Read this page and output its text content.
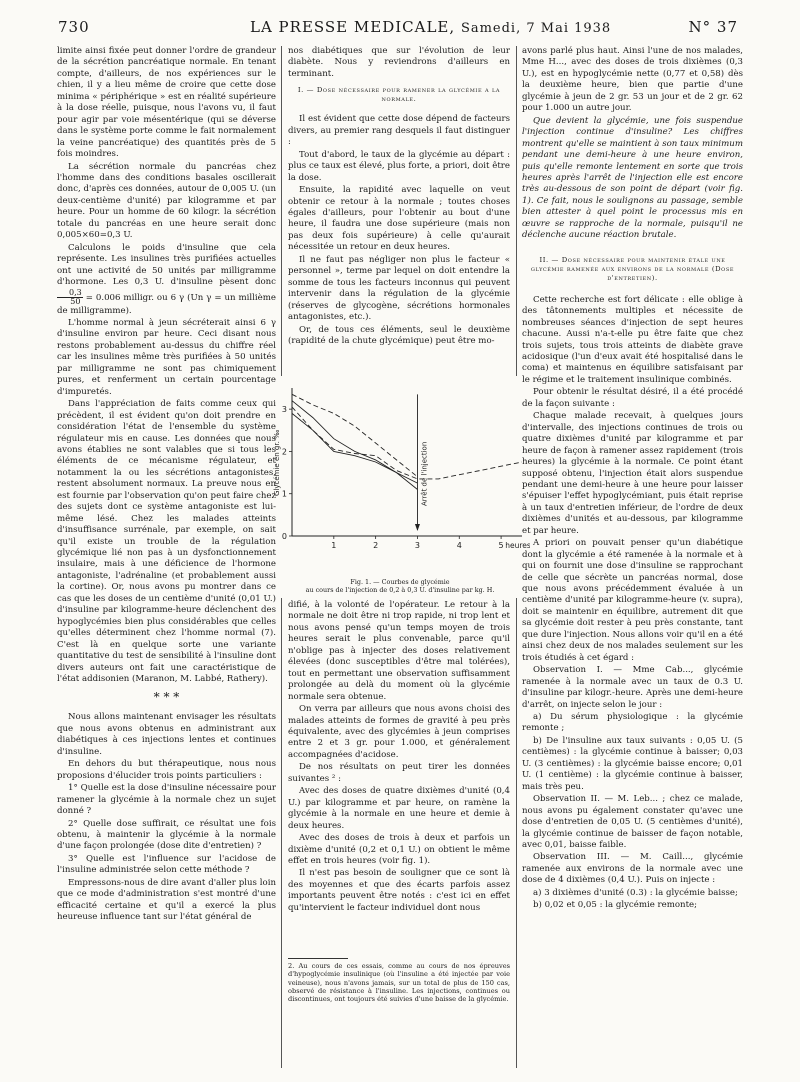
730	LA PRESSE MEDICALE, Samedi, 7 Mai 1938	N° 37

limite ainsi fixée peut donner l'ordre de grandeur de la sécrétion pancréatique normale. En tenant compte, d'ailleurs, de nos expériences sur le chien, il y a lieu même de croire que cette dose minima « périphérique » est en réalité supérieure à la dose réelle, puisque, nous l'avons vu, il faut pour agir par voie mésentérique (qui se déverse dans le système porte comme le fait normalement la veine pancréatique) des quantités près de 5 fois moindres.

La sécrétion normale du pancréas chez l'homme dans des conditions basales oscillerait donc, d'après ces données, autour de 0,005 U. (un deux-centième d'unité) par kilogramme et par heure. Pour un homme de 60 kilogr. la sécrétion totale du pancréas en une heure serait donc 0,005×60=0,3 U.

Calculons le poids d'insuline que cela représente. Les insulines très purifiées actuelles ont une activité de 50 unités par milligramme d'hormone. Les 0,3 U. d'insuline pèsent donc
$\frac{0,3}{50} = 0.006$ milligr. ou 6 γ (Un γ = un millième de milligramme).

L'homme normal à jeun sécréterait ainsi 6 γ d'insuline environ par heure. Ceci disant nous restons probablement au-dessus du chiffre réel car les insulines même très purifiées à 50 unités par milligramme ne sont pas chimiquement pures, et renferment un certain pourcentage d'impuretés.

Dans l'appréciation de faits comme ceux qui précèdent, il est évident qu'on doit prendre en considération l'état de l'ensemble du système régulateur mis en cause. Les données que nous avons établies ne sont valables que si tous les éléments de ce mécanisme régulateur, et notamment la ou les sécrétions antagonistes, restent absolument normaux. La preuve nous en est fournie par l'observation qu'on peut faire chez des sujets dont ce système antagoniste est lui-même lésé. Chez les malades atteints d'insuffisance surrénale, par exemple, on sait qu'il existe un trouble de la régulation glycémique lié non pas à un dysfonctionnement insulaire, mais à une déficience de l'hormone antagoniste, l'adrénaline (et probablement aussi la cortine). Or, nous avons pu montrer dans ce cas que les doses de un centième d'unité (0,01 U.) d'insuline par kilogramme-heure déclenchent des hypoglycémies bien plus considérables que celles qu'elles déterminent chez l'homme normal (7). C'est là en quelque sorte une variante quantitative du test de sensibilité à l'insuline dont divers auteurs ont fait une caractéristique de l'état addisonien (Maranon, M. Labbé, Rathery).

* * *

Nous allons maintenant envisager les résultats que nous avons obtenus en administrant aux diabétiques à ces injections lentes et continues d'insuline.

En dehors du but thérapeutique, nous nous proposions d'élucider trois points particuliers :

1° Quelle est la dose d'insuline nécessaire pour ramener la glycémie à la normale chez un sujet donné ?

2° Quelle dose suffirait, ce résultat une fois obtenu, à maintenir la glycémie à la normale d'une façon prolongée (dose dite d'entretien) ?

3° Quelle est l'influence sur l'acidose de l'insuline administrée selon cette méthode ?

Empressons-nous de dire avant d'aller plus loin que ce mode d'administration s'est montré d'une efficacité certaine et qu'il a exercé la plus heureuse influence tant sur l'état général de

nos diabétiques que sur l'évolution de leur diabète. Nous y reviendrons d'ailleurs en terminant.

I. — Dose nécessaire pour ramener la glycémie a la normale.

Il est évident que cette dose dépend de facteurs divers, au premier rang desquels il faut distinguer :

Tout d'abord, le taux de la glycémie au départ : plus ce taux est élevé, plus forte, a priori, doit être la dose.

Ensuite, la rapidité avec laquelle on veut obtenir ce retour à la normale ; toutes choses égales d'ailleurs, pour l'obtenir au bout d'une heure, il faudra une dose supérieure (mais non pas deux fois supérieure) à celle qu'aurait nécessitée un retour en deux heures.

Il ne faut pas négliger non plus le facteur « personnel », terme par lequel on doit entendre la somme de tous les facteurs inconnus qui peuvent intervenir dans la régulation de la glycémie (réserves de glycogène, sécrétions hormonales antagonistes, etc.).

Or, de tous ces éléments, seul le deuxième (rapidité de la chute glycémique) peut être mo-

1	2	3	4	5
0
1
2
3
heures
Glycémie en gr. ‰	Arrêt de l'injection
Fig. 1. — Courbes de glycémie
au cours de l'injection de 0,2 à 0,3 U. d'insuline par kg. H.

difié, à la volonté de l'opérateur. Le retour à la normale ne doit être ni trop rapide, ni trop lent et nous avons pensé qu'un temps moyen de trois heures serait le plus convenable, parce qu'il n'oblige pas à injecter des doses relativement élevées (donc susceptibles d'être mal tolérées), tout en permettant une observation suffisamment prolongée au delà du moment où la glycémie normale sera obtenue.

On verra par ailleurs que nous avons choisi des malades atteints de formes de gravité à peu près équivalente, avec des glycémies à jeun comprises entre 2 et 3 gr. pour 1.000, et généralement accompagnées d'acidose.

De nos résultats on peut tirer les données suivantes ² :

Avec des doses de quatre dixièmes d'unité (0,4 U.) par kilogramme et par heure, on ramène la glycémie à la normale en une heure et demie à deux heures.

Avec des doses de trois à deux et parfois un dixième d'unité (0,2 et 0,1 U.) on obtient le même effet en trois heures (voir fig. 1).

Il n'est pas besoin de souligner que ce sont là des moyennes et que des écarts parfois assez importants peuvent être notés : c'est ici en effet qu'intervient le facteur individuel dont nous

2. Au cours de ces essais, comme au cours de nos épreuves d'hypoglycémie insulinique (où l'insuline a été injectée par voie veineuse), nous n'avons jamais, sur un total de plus de 150 cas, observé de résistance à l'insuline. Les injections, continues ou discontinues, ont toujours été suivies d'une baisse de la glycémie.

avons parlé plus haut. Ainsi l'une de nos malades, Mme H..., avec des doses de trois dixièmes (0,3 U.), est en hypoglycémie nette (0,77 et 0,58) dès la deuxième heure, bien que partie d'une glycémie à jeun de 2 gr. 53 un jour et de 2 gr. 62 pour 1.000 un autre jour.

Que devient la glycémie, une fois suspendue l'injection continue d'insuline? Les chiffres montrent qu'elle se maintient à son taux minimum pendant une demi-heure à une heure environ, puis qu'elle remonte lentement en sorte que trois heures après l'arrêt de l'injection elle est encore très au-dessous de son point de départ (voir fig. 1). Ce fait, nous le soulignons au passage, semble bien attester à quel point le processus mis en œuvre se rapproche de la normale, puisqu'il ne déclenche aucune réaction brutale.

II. — Dose nécessaire pour maintenir étale une glycémie ramenée aux environs de la normale (Dose d'entretien).

Cette recherche est fort délicate : elle oblige à des tâtonnements multiples et nécessite de nombreuses séances d'injection de sept heures chacune. Aussi n'a-t-elle pu être faite que chez trois sujets, tous trois atteints de diabète grave acidosique (l'un d'eux avait été hospitalisé dans le coma) et maintenus en équilibre satisfaisant par le régime et le traitement insulinique combinés.

Pour obtenir le résultat désiré, il a été procédé de la façon suivante :

Chaque malade recevait, à quelques jours d'intervalle, des injections continues de trois ou quatre dixièmes d'unité par kilogramme et par heure de façon à ramener assez rapidement (trois heures) la glycémie à la normale. Ce point étant supposé obtenu, l'injection était alors suspendue pendant une demi-heure à une heure pour laisser s'épuiser l'effet hypoglycémiant, puis était reprise à un taux d'entretien inférieur, de l'ordre de deux dixièmes d'unités et au-dessous, par kilogramme et par heure.

A priori on pouvait penser qu'un diabétique dont la glycémie a été ramenée à la normale et à qui on fournit une dose d'insuline se rapprochant de celle que sécrète un pancréas normal, dose que nous avons précédemment évaluée à un centième d'unité par kilogramme-heure (v. supra), doit se maintenir en équilibre, autrement dit que sa glycémie doit rester à peu près constante, tant que dure l'injection. Nous allons voir qu'il en a été ainsi chez deux de nos malades seulement sur les trois étudiés à cet égard :

Observation I. — Mme Cab..., glycémie ramenée à la normale avec un taux de 0.3 U. d'insuline par kilogr.-heure. Après une demi-heure d'arrêt, on injecte selon le jour :

a) Du sérum physiologique : la glycémie remonte ;

b) De l'insuline aux taux suivants : 0,05 U. (5 centièmes) : la glycémie continue à baisser; 0,03 U. (3 centièmes) : la glycémie baisse encore; 0,01 U. (1 centième) : la glycémie continue à baisser, mais très peu.

Observation II. — M. Leb... ; chez ce malade, nous avons pu également constater qu'avec une dose d'entretien de 0,05 U. (5 centièmes d'unité), la glycémie continue de baisser de façon notable, avec 0,01, baisse faible.

Observation III. — M. Caill..., glycémie ramenée aux environs de la normale avec une dose de 4 dixièmes (0,4 U.). Puis on injecte :

a) 3 dixièmes d'unité (0.3) : la glycémie baisse;

b) 0,02 et 0,05 : la glycémie remonte;
